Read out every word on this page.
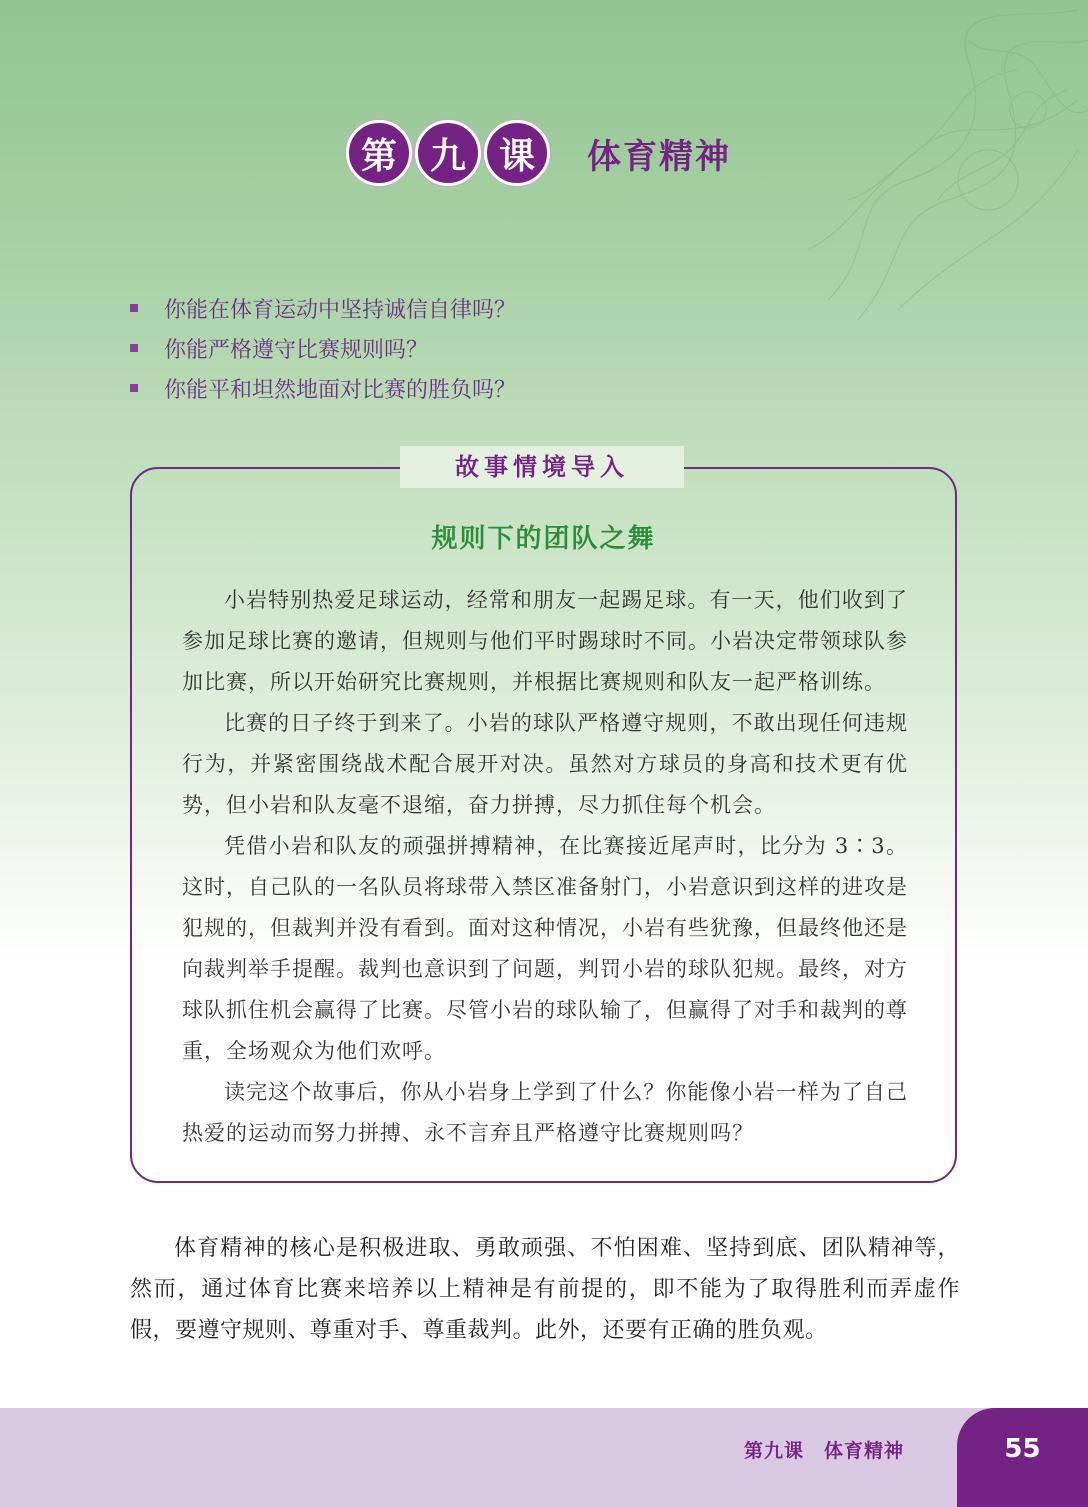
第 九 课	体育精神
你能在体育运动中坚持诚信自律吗？
你能严格遵守比赛规则吗？
你能平和坦然地面对比赛的胜负吗？
故事情境导入
规则下的团队之舞

小岩特别热爱足球运动，经常和朋友一起踢足球。有一天，他们收到了参加足球比赛的邀请，但规则与他们平时踢球时不同。小岩决定带领球队参加比赛，所以开始研究比赛规则，并根据比赛规则和队友一起严格训练。

比赛的日子终于到来了。小岩的球队严格遵守规则，不敢出现任何违规行为，并紧密围绕战术配合展开对决。虽然对方球员的身高和技术更有优势，但小岩和队友毫不退缩，奋力拼搏，尽力抓住每个机会。

凭借小岩和队友的顽强拼搏精神，在比赛接近尾声时，比分为 3∶3。这时，自己队的一名队员将球带入禁区准备射门，小岩意识到这样的进攻是犯规的，但裁判并没有看到。面对这种情况，小岩有些犹豫，但最终他还是向裁判举手提醒。裁判也意识到了问题，判罚小岩的球队犯规。最终，对方球队抓住机会赢得了比赛。尽管小岩的球队输了，但赢得了对手和裁判的尊重，全场观众为他们欢呼。

读完这个故事后，你从小岩身上学到了什么？你能像小岩一样为了自己热爱的运动而努力拼搏、永不言弃且严格遵守比赛规则吗？

体育精神的核心是积极进取、勇敢顽强、不怕困难、坚持到底、团队精神等，然而，通过体育比赛来培养以上精神是有前提的，即不能为了取得胜利而弄虚作假，要遵守规则、尊重对手、尊重裁判。此外，还要有正确的胜负观。

第九课　体育精神	55
